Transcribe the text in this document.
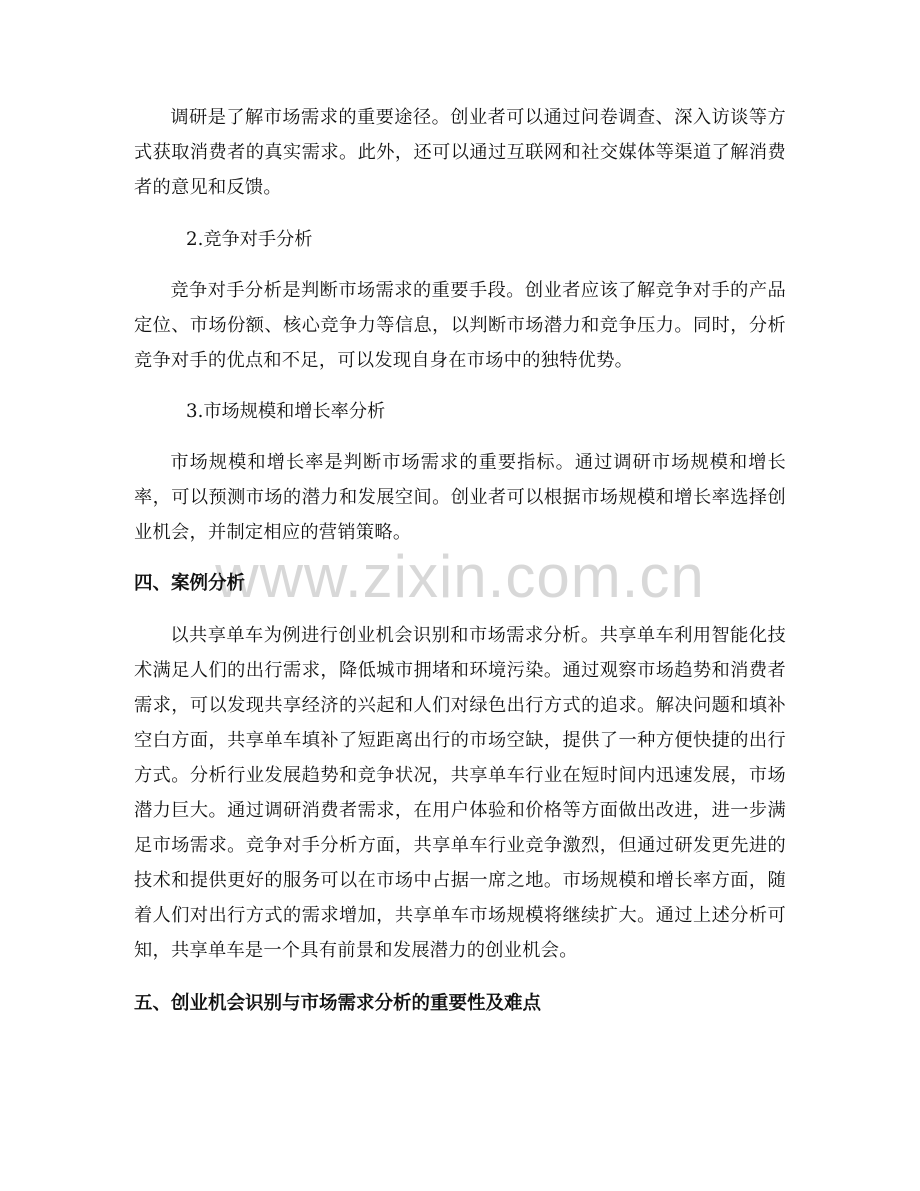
www.zixin.com.cn

调研是了解市场需求的重要途径。创业者可以通过问卷调查、深入访谈等方式获取消费者的真实需求。此外，还可以通过互联网和社交媒体等渠道了解消费者的意见和反馈。

2.竞争对手分析

竞争对手分析是判断市场需求的重要手段。创业者应该了解竞争对手的产品定位、市场份额、核心竞争力等信息，以判断市场潜力和竞争压力。同时，分析竞争对手的优点和不足，可以发现自身在市场中的独特优势。

3.市场规模和增长率分析

市场规模和增长率是判断市场需求的重要指标。通过调研市场规模和增长率，可以预测市场的潜力和发展空间。创业者可以根据市场规模和增长率选择创业机会，并制定相应的营销策略。

四、案例分析

以共享单车为例进行创业机会识别和市场需求分析。共享单车利用智能化技术满足人们的出行需求，降低城市拥堵和环境污染。通过观察市场趋势和消费者需求，可以发现共享经济的兴起和人们对绿色出行方式的追求。解决问题和填补空白方面，共享单车填补了短距离出行的市场空缺，提供了一种方便快捷的出行方式。分析行业发展趋势和竞争状况，共享单车行业在短时间内迅速发展，市场潜力巨大。通过调研消费者需求，在用户体验和价格等方面做出改进，进一步满足市场需求。竞争对手分析方面，共享单车行业竞争激烈，但通过研发更先进的技术和提供更好的服务可以在市场中占据一席之地。市场规模和增长率方面，随着人们对出行方式的需求增加，共享单车市场规模将继续扩大。通过上述分析可知，共享单车是一个具有前景和发展潜力的创业机会。

五、创业机会识别与市场需求分析的重要性及难点
